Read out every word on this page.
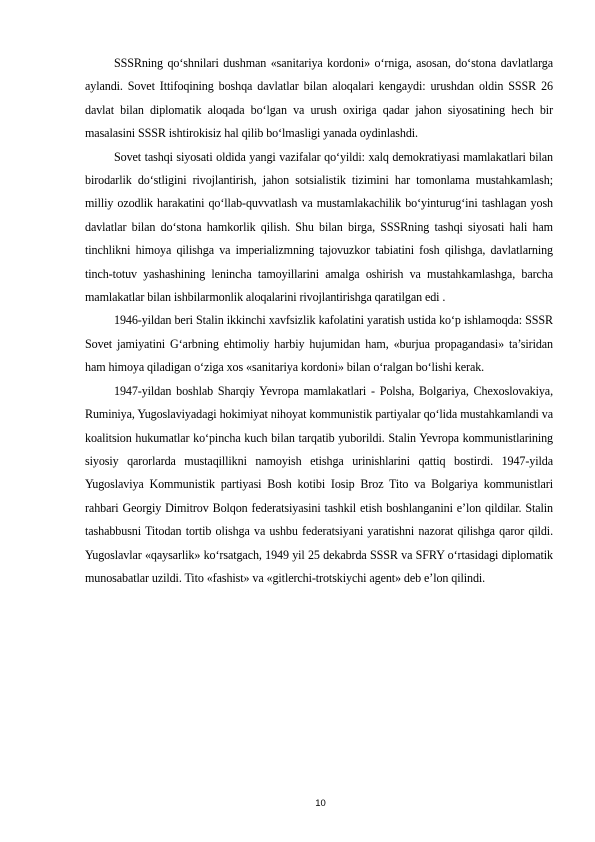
SSSRning qo‘shnilari dushman «sanitariya kordoni» o‘rniga, asosan, do‘stona davlatlarga aylandi. Sovet Ittifoqining boshqa davlatlar bilan aloqalari kengaydi: urushdan oldin SSSR 26 davlat bilan diplomatik aloqada bo‘lgan va urush oxiriga qadar jahon siyosatining hech bir masalasini SSSR ishtirokisiz hal qilib bo‘lmasligi yanada oydinlashdi.

Sovet tashqi siyosati oldida yangi vazifalar qo‘yildi: xalq demokratiyasi mamlakatlari bilan birodarlik do‘stligini rivojlantirish, jahon sotsialistik tizimini har tomonlama mustahkamlash; milliy ozodlik harakatini qo‘llab-quvvatlash va mustamlakachilik bo‘yinturug‘ini tashlagan yosh davlatlar bilan do‘stona hamkorlik qilish. Shu bilan birga, SSSRning tashqi siyosati hali ham tinchlikni himoya qilishga va imperializmning tajovuzkor tabiatini fosh qilishga, davlatlarning tinch-totuv yashashining lenincha tamoyillarini amalga oshirish va mustahkamlashga, barcha mamlakatlar bilan ishbilarmonlik aloqalarini rivojlantirishga qaratilgan edi .

1946-yildan beri Stalin ikkinchi xavfsizlik kafolatini yaratish ustida ko‘p ishlamoqda: SSSR Sovet jamiyatini G‘arbning ehtimoliy harbiy hujumidan ham, «burjua propagandasi» ta’siridan ham himoya qiladigan o‘ziga xos «sanitariya kordoni» bilan o‘ralgan bo‘lishi kerak.

1947-yildan boshlab Sharqiy Yevropa mamlakatlari - Polsha, Bolgariya, Chexoslovakiya, Ruminiya, Yugoslaviyadagi hokimiyat nihoyat kommunistik partiyalar qo‘lida mustahkamlandi va koalitsion hukumatlar ko‘pincha kuch bilan tarqatib yuborildi. Stalin Yevropa kommunistlarining siyosiy qarorlarda mustaqillikni namoyish etishga urinishlarini qattiq bostirdi. 1947-yilda Yugoslaviya Kommunistik partiyasi Bosh kotibi Iosip Broz Tito va Bolgariya kommunistlari rahbari Georgiy Dimitrov Bolqon federatsiyasini tashkil etish boshlanganini e’lon qildilar. Stalin tashabbusni Titodan tortib olishga va ushbu federatsiyani yaratishni nazorat qilishga qaror qildi. Yugoslavlar «qaysarlik» ko‘rsatgach, 1949 yil 25 dekabrda SSSR va SFRY o‘rtasidagi diplomatik munosabatlar uzildi. Tito «fashist» va «gitlerchi-trotskiychi agent» deb e’lon qilindi.

10
